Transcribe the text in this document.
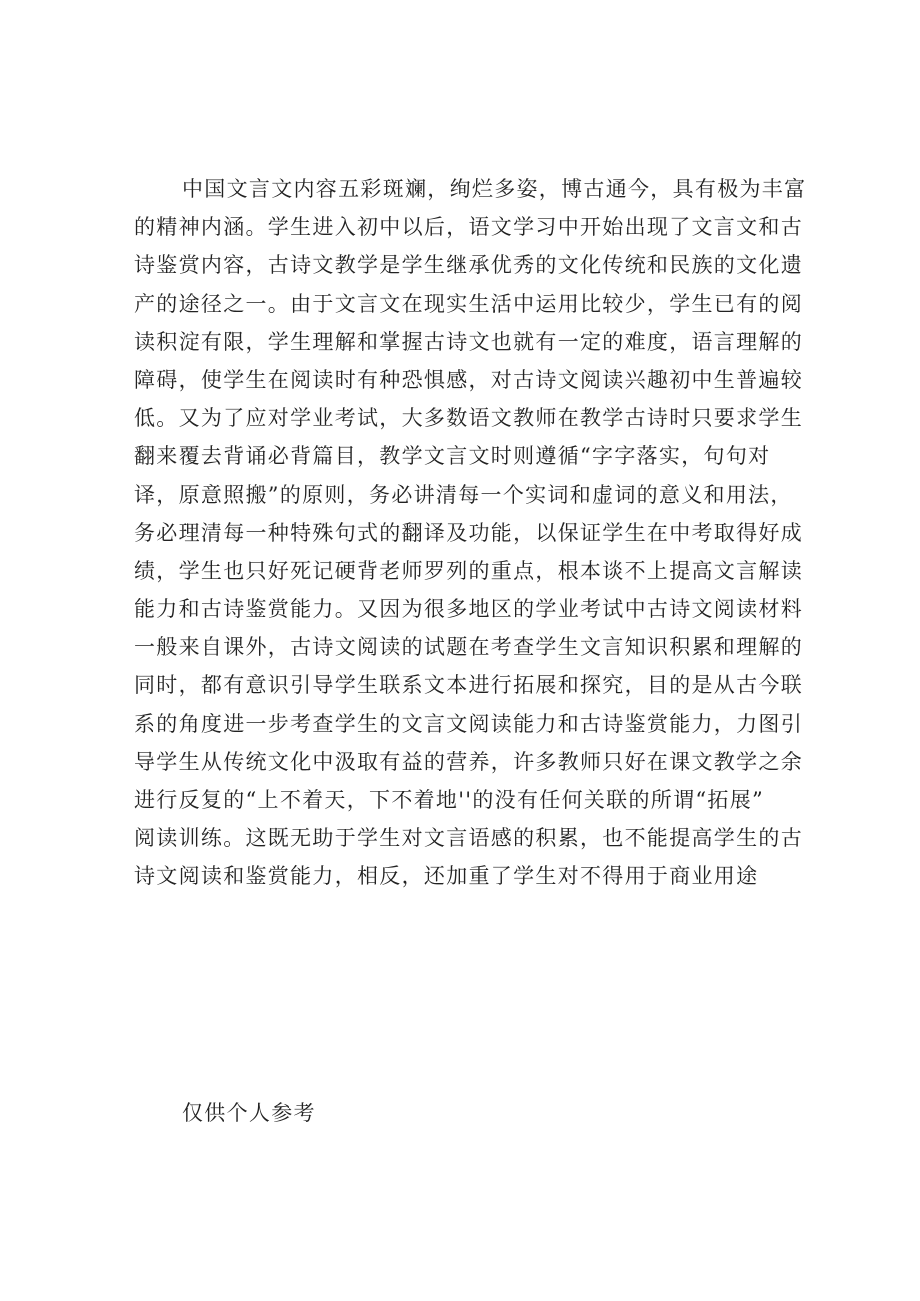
中国文言文内容五彩斑斓，绚烂多姿，博古通今，具有极为丰富
的精神内涵。学生进入初中以后，语文学习中开始出现了文言文和古
诗鉴赏内容，古诗文教学是学生继承优秀的文化传统和民族的文化遗
产的途径之一。由于文言文在现实生活中运用比较少，学生已有的阅
读积淀有限，学生理解和掌握古诗文也就有一定的难度，语言理解的
障碍，使学生在阅读时有种恐惧感，对古诗文阅读兴趣初中生普遍较
低。又为了应对学业考试，大多数语文教师在教学古诗时只要求学生
翻来覆去背诵必背篇目，教学文言文时则遵循“字字落实，句句对
译，原意照搬”的原则，务必讲清每一个实词和虚词的意义和用法，
务必理清每一种特殊句式的翻译及功能，以保证学生在中考取得好成
绩，学生也只好死记硬背老师罗列的重点，根本谈不上提高文言解读
能力和古诗鉴赏能力。又因为很多地区的学业考试中古诗文阅读材料
一般来自课外，古诗文阅读的试题在考查学生文言知识积累和理解的
同时，都有意识引导学生联系文本进行拓展和探究，目的是从古今联
系的角度进一步考查学生的文言文阅读能力和古诗鉴赏能力，力图引
导学生从传统文化中汲取有益的营养，许多教师只好在课文教学之余
进行反复的“上不着天，下不着地''的没有任何关联的所谓“拓展”
阅读训练。这既无助于学生对文言语感的积累，也不能提高学生的古
诗文阅读和鉴赏能力，相反，还加重了学生对不得用于商业用途
仅供个人参考
